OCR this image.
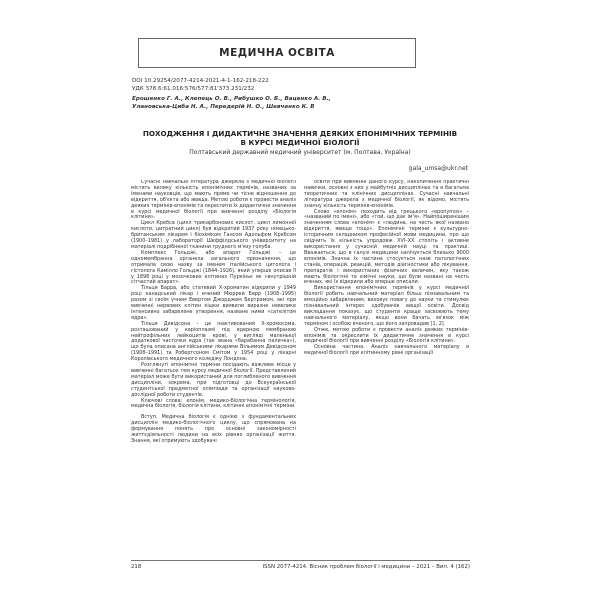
МЕДИЧНА ОСВІТА
DOI 10.29254/2077-4214-2021-4-1-162-218-222
УДК 378.6:61.016:576/577:81'373.231/232
Ерошенко Г. А., Клепець О. В., Рибушко О. Б., Ваценко А. В.,
Улановська-Циба Н. А., Передерій Н. О., Шевченко К. В
ПОХОДЖЕННЯ І ДИДАКТИЧНЕ ЗНАЧЕННЯ ДЕЯКИХ ЕПОНІМІЧНИХ ТЕРМІНІВ
В КУРСІ МЕДИЧНОЇ БІОЛОГІЇ
Полтавський державний медичний університет (м. Полтава, Україна)
gala_umsa@ukr.net

Сучасні навчальні література джерела з медичної біології містять велику кількість епонімічних термінів, названих за іменами науковців, що мають пряме чи тісне відношення до відкриття, об'єкта або явища. Метою роботи є провести аналіз деяких термінів-епонімів та окреслити їх дидактичне значення в курсі медичної біології при вивченні розділу «Біологія клітини».

Цикл Кребса (цикл трикарбонових кислот, цикл лимонної кислоти, цитратний цикл) був відкритий 1937 року німецько-британським лікарем і біохіміком Гансом Адольфом Кребсом (1900–1981) у лабораторії Шеффілдського університету на матеріалі подрібненої тканини грудного м'язу голуба.

Комплекс Гольджі, або апарат Гольджі – це одномембранна органела загального призначення, що отримала свою назву за іменем італійського цитолога і гістолога Камілло Гольджі (1844–1926), який уперше описав її у 1898 році у мозочкових клітинах Пуркіньє як «внутрішній сітчастий апарат».

Тільця Барра, або статевий Х-хроматин відкрили у 1949 році канадський лікар і вчений Мюррей Барр (1908–1995) разом зі своїм учнем Евертом Джорджем Бертрамом, які при вивченні нервових клітин кішки виявили виразне невелике інтенсивно забарвлене утворення, назване ними «сателітом ядра».

Тільця Девідсона – це інактивований Х-хромосома, розташований у каріоплазмі під ядерною мембраною нейтрофільних лейкоцитів крові, у вигляді маленької додаткової часточки ядра (так звана «барабанна паличка»), що була описана англійськими лікарями Вільямом Девідсоном (1908–1991) та Робертсоном Смітом у 1954 році у лікарні Королівського медичного коледжу Лондона.

Розглянуті епонімічні терміни посідають важливе місце у вивченні багатьох тем курсу медичної біології. Представлений матеріал може бути використаний для поглибленого вивчення дисципліни, зокрема, при підготовці до Всеукраїнської студентської предметної олімпіади та організації науково-дослідної роботи студентів.

Ключові слова: епонім, медико-біологічна термінологія, медична біологія, біологія клітини, клітинні епонімічні терміни.

Вступ. Медична біологія є однією з фундаментальних дисциплін медико-біологічного циклу, що спрямована на формування понять про основні закономірності життєдіяльності людини на всіх рівнях організації життя. Знання, які отримують здобувачі

освіти при вивченні даного курсу, накопичення практичні навички, основні з них у майбутніх дисциплінах та в багатьма теоретичних та клінічних дисциплінах. Сучасні навчальні література джерела з медичної біології, як відомо, містять значну кількість термінів-епонімів.

Слово «епонім» походить від грецького «eponymos» – «названий по імені», або «той, що дає ім'я». Найпоширенішим значенням слова «епонім» є «людина, на честь якої названо відкриття, явище тощо». Епонімічні терміни є культурно-історичним складником професійної мови медицини, про що свідчить їх кількість упродовж XVI–XX століть і активне використання у сучасній медичній науці та практиці. Вважається, що в галузі медицини налічується близько 9000 епонімів. Значна їх частина стосується назв патологічних станів, операцій, реакцій, методів діагностики або лікування, препаратів і використаних фізичних величин, яку також мають біологічні та хімічні науки, що були названі на честь вчених, які їх відкрили або вперше описали.

Використання епонімічних термінів у курсі медичної біології робить навчальний матеріал більш пізнавальним та емоційно забарвленим, виховує повагу до науки та стимулює пізнавальний інтерес здобувачів вищої освіти. Досвід викладання показує, що студенти краще засвоюють тему навчального матеріалу, якщо вони бачать зв'язок між терміном і особою вченого, що його запровадив [1, 2].

Отже, метою роботи є провести аналіз деяких термінів-епонімів та окреслити їх дидактичне значення в курсі медичної біології при вивченні розділу «Біологія клітини».

Основна частина. Аналіз навчального матеріалу в медичної біології при клітинному рівні організації

218	ISSN 2077-4214. Вісник проблем біології і медицини – 2021 – Вип. 4 (162)
